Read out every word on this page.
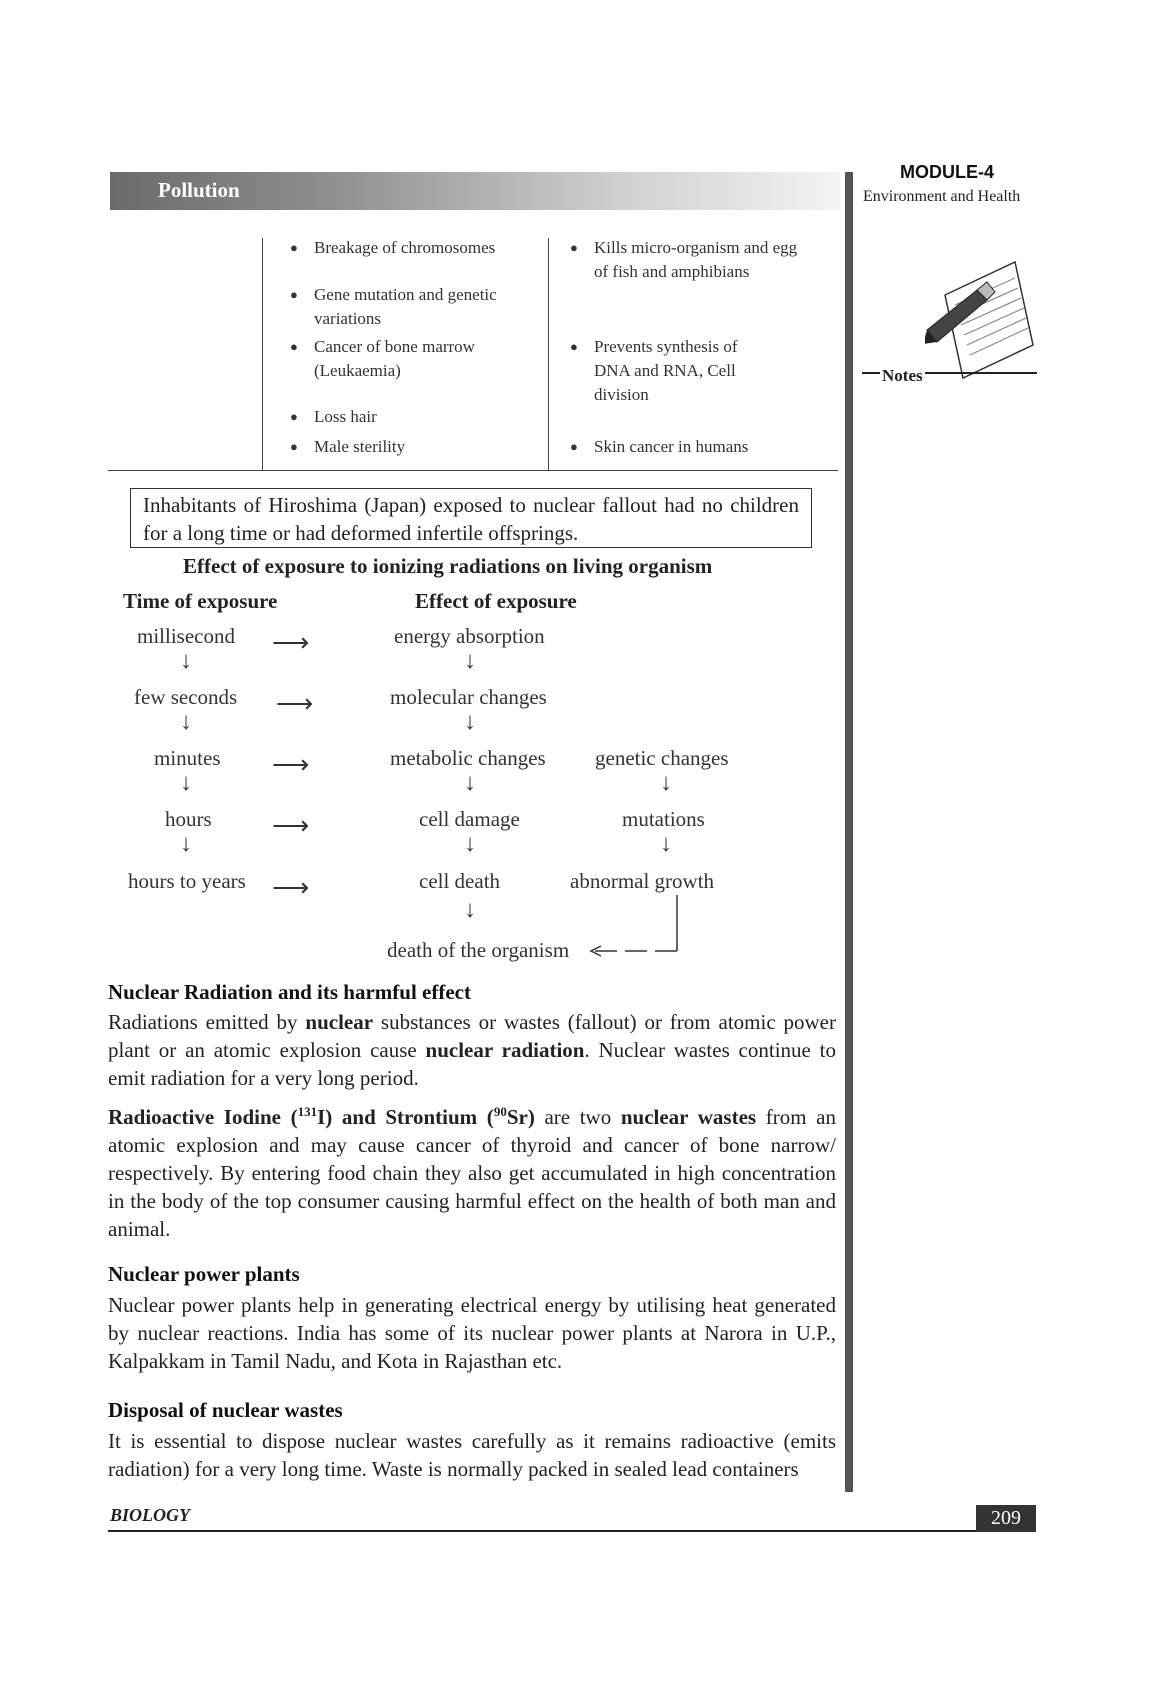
Pollution
MODULE-4
Environment and Health
Notes
● Breakage of chromosomes
● Gene mutation and genetic variations
● Cancer of bone marrow (Leukaemia)
● Loss hair
● Male sterility
● Kills micro-organism and egg of fish and amphibians
● Prevents synthesis of DNA and RNA, Cell division
● Skin cancer in humans

Inhabitants of Hiroshima (Japan) exposed to nuclear fallout had no children for a long time or had deformed infertile offsprings.

Effect of exposure to ionizing radiations on living organism
Time of exposure	Effect of exposure
millisecond
few seconds
minutes
hours
hours to years
energy absorption
molecular changes
metabolic changes
cell damage
cell death
genetic changes
mutations
abnormal growth
death of the organism
⟶
⟶
⟶
⟶
⟶
↓
↓
↓
↓
↓
↓
↓
↓
↓
↓
↓
Nuclear Radiation and its harmful effect

Radiations emitted by nuclear substances or wastes (fallout) or from atomic power plant or an atomic explosion cause nuclear radiation. Nuclear wastes continue to emit radiation for a very long period.

Radioactive Iodine ($^{131}$I) and Strontium ($^{90}$Sr) are two nuclear wastes from an atomic explosion and may cause cancer of thyroid and cancer of bone narrow/ respectively. By entering food chain they also get accumulated in high concentration in the body of the top consumer causing harmful effect on the health of both man and animal.

Nuclear power plants

Nuclear power plants help in generating electrical energy by utilising heat generated by nuclear reactions. India has some of its nuclear power plants at Narora in U.P., Kalpakkam in Tamil Nadu, and Kota in Rajasthan etc.

Disposal of nuclear wastes

It is essential to dispose nuclear wastes carefully as it remains radioactive (emits radiation) for a very long time. Waste is normally packed in sealed lead containers

BIOLOGY	209
